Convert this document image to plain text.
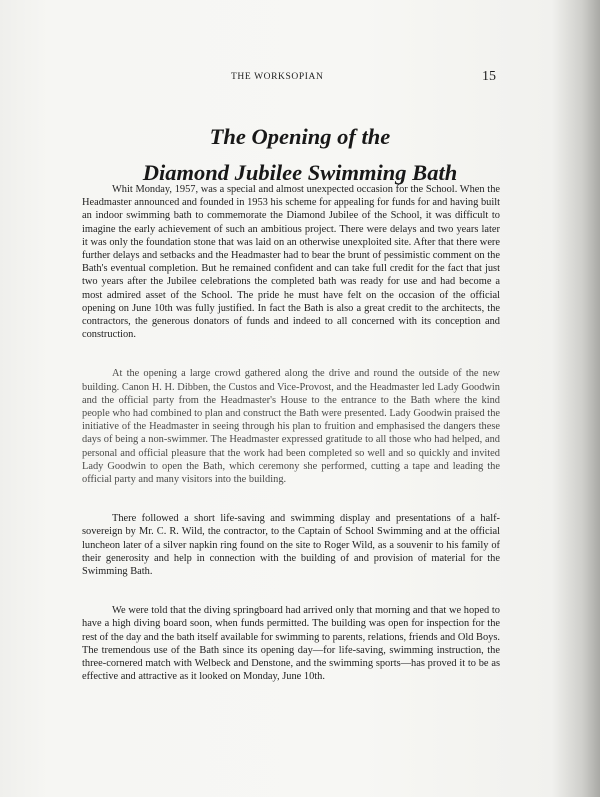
THE WORKSOPIAN	15
The Opening of the
Diamond Jubilee Swimming Bath

Whit Monday, 1957, was a special and almost unexpected occasion for the School. When the Headmaster announced and founded in 1953 his scheme for appealing for funds for and having built an indoor swimming bath to commemorate the Diamond Jubilee of the School, it was difficult to imagine the early achievement of such an ambitious project. There were delays and two years later it was only the foundation stone that was laid on an otherwise unexploited site. After that there were further delays and setbacks and the Headmaster had to bear the brunt of pessimistic comment on the Bath's eventual completion. But he remained confident and can take full credit for the fact that just two years after the Jubilee celebrations the completed bath was ready for use and had become a most admired asset of the School. The pride he must have felt on the occasion of the official opening on June 10th was fully justified. In fact the Bath is also a great credit to the architects, the contractors, the generous donators of funds and indeed to all concerned with its conception and construction.

At the opening a large crowd gathered along the drive and round the outside of the new building. Canon H. H. Dibben, the Custos and Vice-Provost, and the Headmaster led Lady Goodwin and the official party from the Headmaster's House to the entrance to the Bath where the kind people who had combined to plan and construct the Bath were presented. Lady Goodwin praised the initiative of the Headmaster in seeing through his plan to fruition and emphasised the dangers these days of being a non-swimmer. The Headmaster expressed gratitude to all those who had helped, and personal and official pleasure that the work had been completed so well and so quickly and invited Lady Goodwin to open the Bath, which ceremony she performed, cutting a tape and leading the official party and many visitors into the building.

There followed a short life-saving and swimming display and presentations of a half-sovereign by Mr. C. R. Wild, the contractor, to the Captain of School Swimming and at the official luncheon later of a silver napkin ring found on the site to Roger Wild, as a souvenir to his family of their generosity and help in connection with the building of and provision of material for the Swimming Bath.

We were told that the diving springboard had arrived only that morning and that we hoped to have a high diving board soon, when funds permitted. The building was open for inspection for the rest of the day and the bath itself available for swimming to parents, relations, friends and Old Boys. The tremendous use of the Bath since its opening day—for life-saving, swimming instruction, the three-cornered match with Welbeck and Denstone, and the swimming sports—has proved it to be as effective and attractive as it looked on Monday, June 10th.
